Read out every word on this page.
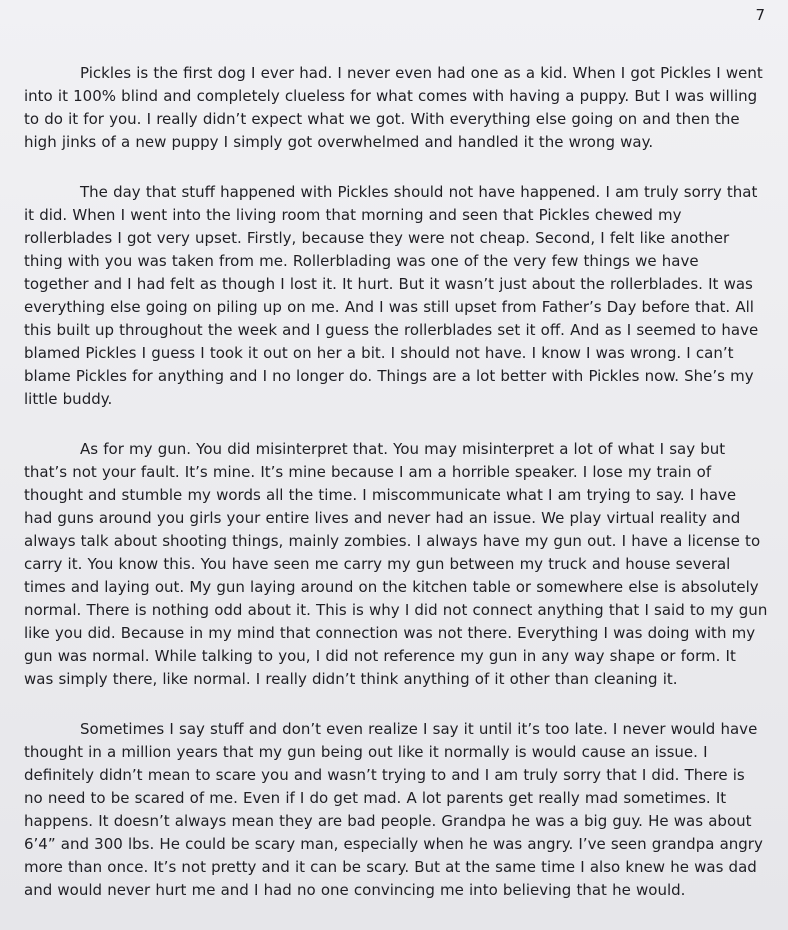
7

Pickles is the first dog I ever had. I never even had one as a kid. When I got Pickles I went into it 100% blind and completely clueless for what comes with having a puppy. But I was willing to do it for you. I really didn’t expect what we got. With everything else going on and then the high jinks of a new puppy I simply got overwhelmed and handled it the wrong way.

The day that stuff happened with Pickles should not have happened. I am truly sorry that it did. When I went into the living room that morning and seen that Pickles chewed my rollerblades I got very upset. Firstly, because they were not cheap. Second, I felt like another thing with you was taken from me. Rollerblading was one of the very few things we have together and I had felt as though I lost it. It hurt. But it wasn’t just about the rollerblades. It was everything else going on piling up on me. And I was still upset from Father’s Day before that. All this built up throughout the week and I guess the rollerblades set it off. And as I seemed to have blamed Pickles I guess I took it out on her a bit. I should not have. I know I was wrong. I can’t blame Pickles for anything and I no longer do. Things are a lot better with Pickles now. She’s my little buddy.

As for my gun. You did misinterpret that. You may misinterpret a lot of what I say but that’s not your fault. It’s mine. It’s mine because I am a horrible speaker. I lose my train of thought and stumble my words all the time. I miscommunicate what I am trying to say. I have had guns around you girls your entire lives and never had an issue. We play virtual reality and always talk about shooting things, mainly zombies. I always have my gun out. I have a license to carry it. You know this. You have seen me carry my gun between my truck and house several times and laying out. My gun laying around on the kitchen table or somewhere else is absolutely normal. There is nothing odd about it. This is why I did not connect anything that I said to my gun like you did. Because in my mind that connection was not there. Everything I was doing with my gun was normal. While talking to you, I did not reference my gun in any way shape or form. It was simply there, like normal. I really didn’t think anything of it other than cleaning it.

Sometimes I say stuff and don’t even realize I say it until it’s too late. I never would have thought in a million years that my gun being out like it normally is would cause an issue. I definitely didn’t mean to scare you and wasn’t trying to and I am truly sorry that I did. There is no need to be scared of me. Even if I do get mad. A lot parents get really mad sometimes. It happens. It doesn’t always mean they are bad people. Grandpa he was a big guy. He was about 6’4” and 300 lbs. He could be scary man, especially when he was angry. I’ve seen grandpa angry more than once. It’s not pretty and it can be scary. But at the same time I also knew he was dad and would never hurt me and I had no one convincing me into believing that he would.
